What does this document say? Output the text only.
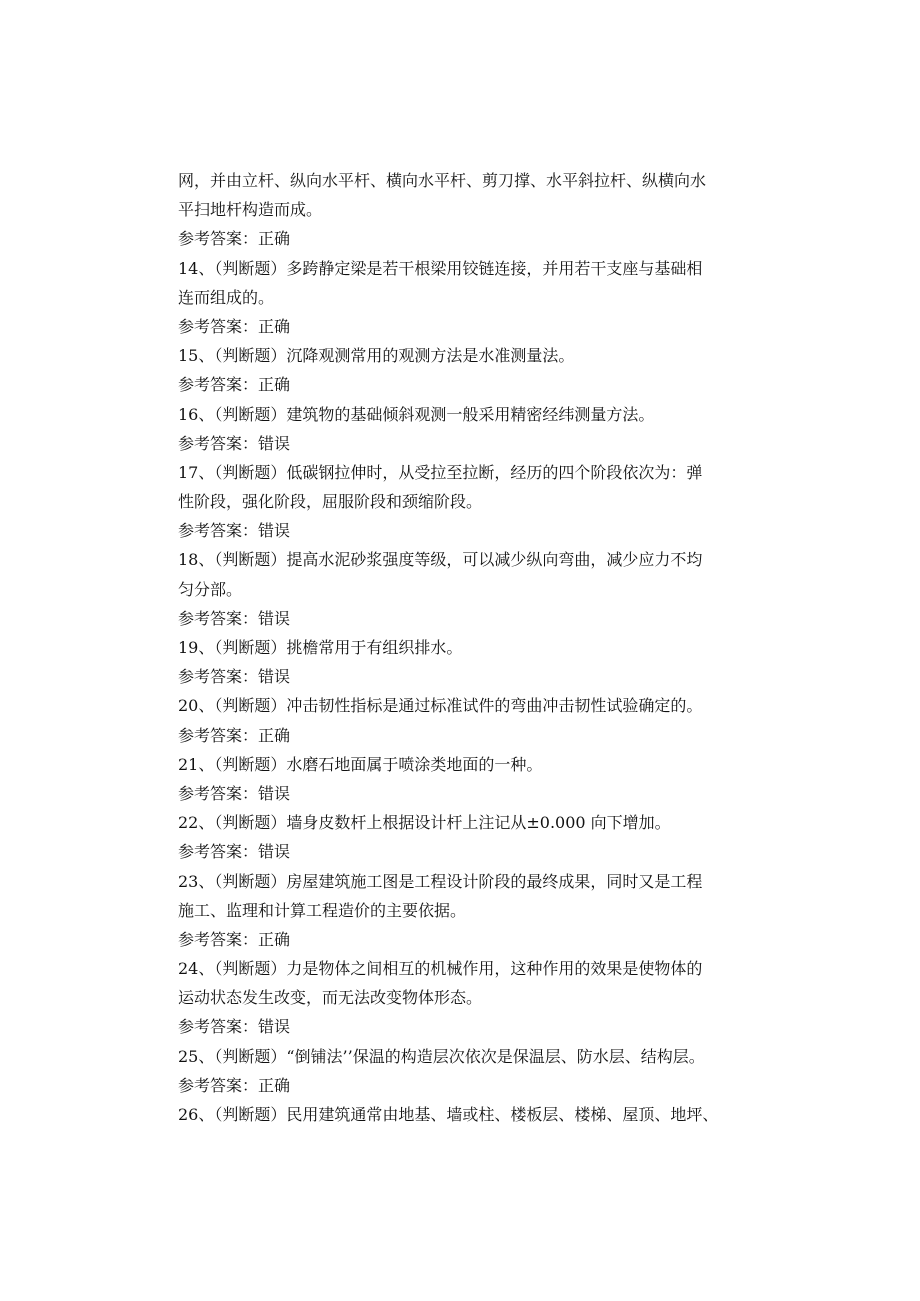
网，并由立杆、纵向水平杆、横向水平杆、剪刀撑、水平斜拉杆、纵横向水
平扫地杆构造而成。
参考答案：正确
14、（判断题）多跨静定梁是若干根梁用铰链连接，并用若干支座与基础相
连而组成的。
参考答案：正确
15、（判断题）沉降观测常用的观测方法是水准测量法。
参考答案：正确
16、（判断题）建筑物的基础倾斜观测一般采用精密经纬测量方法。
参考答案：错误
17、（判断题）低碳钢拉伸时，从受拉至拉断，经历的四个阶段依次为：弹
性阶段，强化阶段，屈服阶段和颈缩阶段。
参考答案：错误
18、（判断题）提高水泥砂浆强度等级，可以减少纵向弯曲，减少应力不均
匀分部。
参考答案：错误
19、（判断题）挑檐常用于有组织排水。
参考答案：错误
20、（判断题）冲击韧性指标是通过标准试件的弯曲冲击韧性试验确定的。
参考答案：正确
21、（判断题）水磨石地面属于喷涂类地面的一种。
参考答案：错误
22、（判断题）墙身皮数杆上根据设计杆上注记从±0.000 向下增加。
参考答案：错误
23、（判断题）房屋建筑施工图是工程设计阶段的最终成果，同时又是工程
施工、监理和计算工程造价的主要依据。
参考答案：正确
24、（判断题）力是物体之间相互的机械作用，这种作用的效果是使物体的
运动状态发生改变，而无法改变物体形态。
参考答案：错误
25、（判断题）“倒铺法’’保温的构造层次依次是保温层、防水层、结构层。
参考答案：正确
26、（判断题）民用建筑通常由地基、墙或柱、楼板层、楼梯、屋顶、地坪、
